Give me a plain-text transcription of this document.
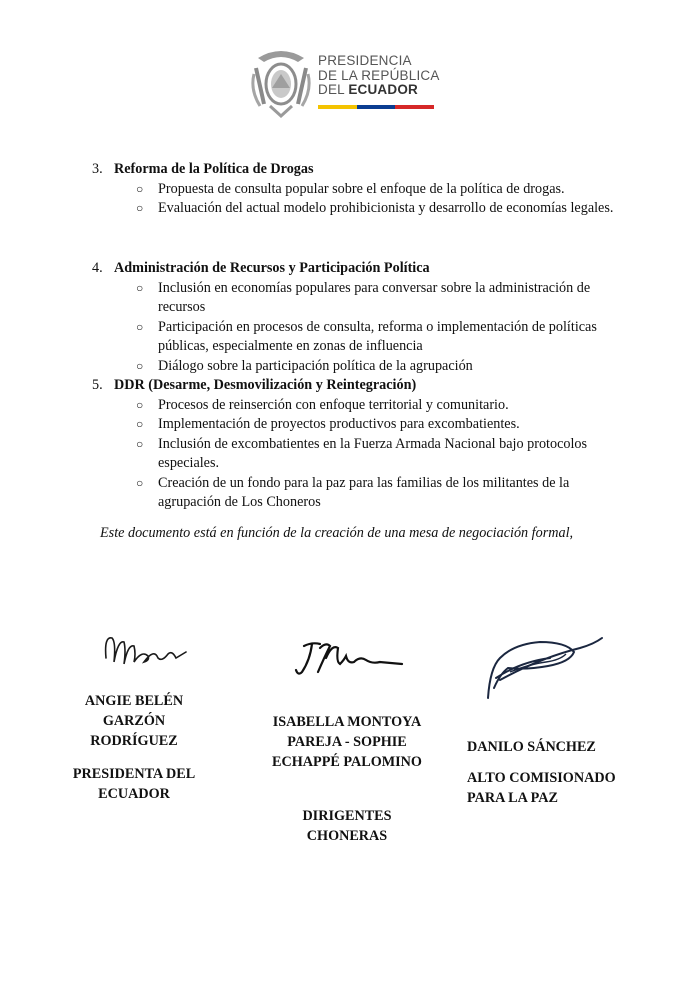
PRESIDENCIA
DE LA REPÚBLICA
DEL ECUADOR
3. Reforma de la Política de Drogas
○ Propuesta de consulta popular sobre el enfoque de la política de drogas.
○ Evaluación del actual modelo prohibicionista y desarrollo de economías legales.
4. Administración de Recursos y Participación Política
○ Inclusión en economías populares para conversar sobre la administración de recursos
○ Participación en procesos de consulta, reforma o implementación de políticas públicas, especialmente en zonas de influencia
○ Diálogo sobre la participación política de la agrupación
5. DDR (Desarme, Desmovilización y Reintegración)
○ Procesos de reinserción con enfoque territorial y comunitario.
○ Implementación de proyectos productivos para excombatientes.
○ Inclusión de excombatientes en la Fuerza Armada Nacional bajo protocolos especiales.
○ Creación de un fondo para la paz para las familias de los militantes de la agrupación de Los Choneros
Este documento está en función de la creación de una mesa de negociación formal,
ANGIE BELÉN GARZÓN RODRÍGUEZ
PRESIDENTA DEL ECUADOR
ISABELLA MONTOYA PAREJA - SOPHIE ECHAPPÉ PALOMINO
DIRIGENTES CHONERAS
DANILO SÁNCHEZ
ALTO COMISIONADO PARA LA PAZ
